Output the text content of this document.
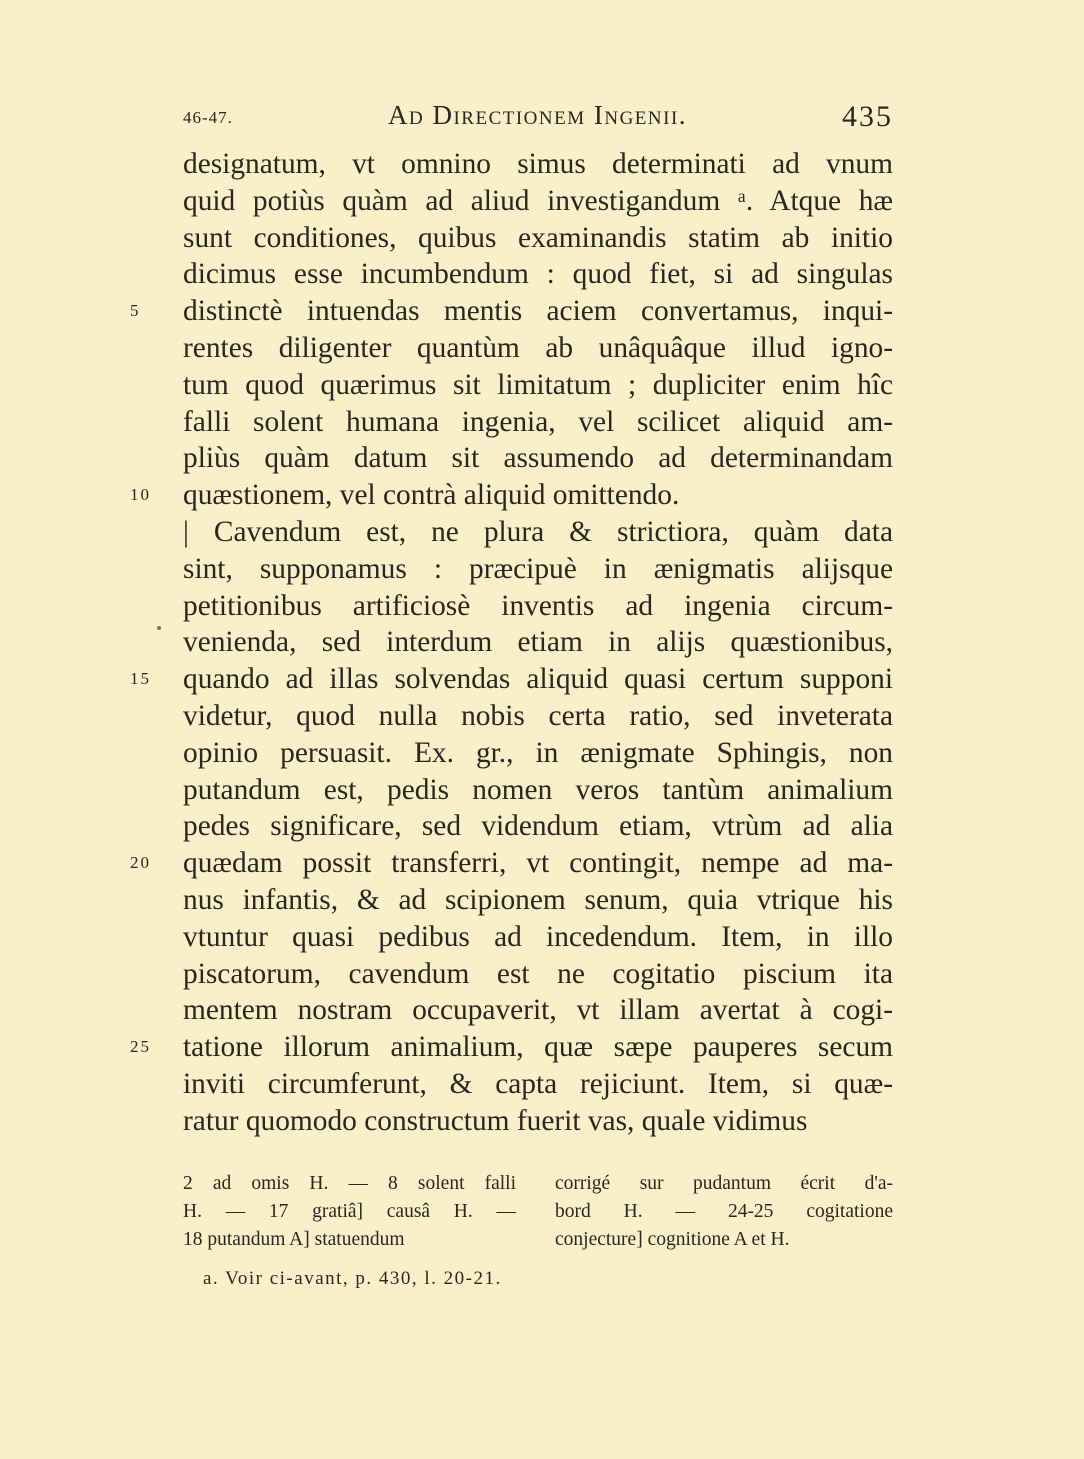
46-47.	Ad Directionem Ingenii.	435
designatum, vt omnino simus determinati ad vnum
quid potiùs quàm ad aliud investigandum ᵃ. Atque hæ
sunt conditiones, quibus examinandis statim ab initio
dicimus esse incumbendum : quod fiet, si ad singulas
5	distinctè intuendas mentis aciem convertamus, inqui-
rentes diligenter quantùm ab unâquâque illud igno-
tum quod quærimus sit limitatum ; dupliciter enim hîc
falli solent humana ingenia, vel scilicet aliquid am-
pliùs quàm datum sit assumendo ad determinandam
10 quæstionem, vel contrà aliquid omittendo.
| Cavendum est, ne plura & strictiora, quàm data
sint, supponamus : præcipuè in ænigmatis alijsque
petitionibus artificiosè inventis ad ingenia circum-
venienda, sed interdum etiam in alijs quæstionibus,
15 quando ad illas solvendas aliquid quasi certum supponi
videtur, quod nulla nobis certa ratio, sed inveterata
opinio persuasit. Ex. gr., in ænigmate Sphingis, non
putandum est, pedis nomen veros tantùm animalium
pedes significare, sed videndum etiam, vtrùm ad alia
20 quædam possit transferri, vt contingit, nempe ad ma-
nus infantis, & ad scipionem senum, quia vtrique his
vtuntur quasi pedibus ad incedendum. Item, in illo
piscatorum, cavendum est ne cogitatio piscium ita
mentem nostram occupaverit, vt illam avertat à cogi-
25 tatione illorum animalium, quæ sæpe pauperes secum
inviti circumferunt, & capta rejiciunt. Item, si quæ-
ratur quomodo constructum fuerit vas, quale vidimus
2 ad omis H. — 8 solent falli
H. — 17 gratiâ] causâ H. —
18 putandum A] statuendum
corrigé sur pudantum écrit d'a-
bord H. — 24-25 cogitatione
conjecture] cognitione A et H.
a. Voir ci-avant, p. 430, l. 20-21.
